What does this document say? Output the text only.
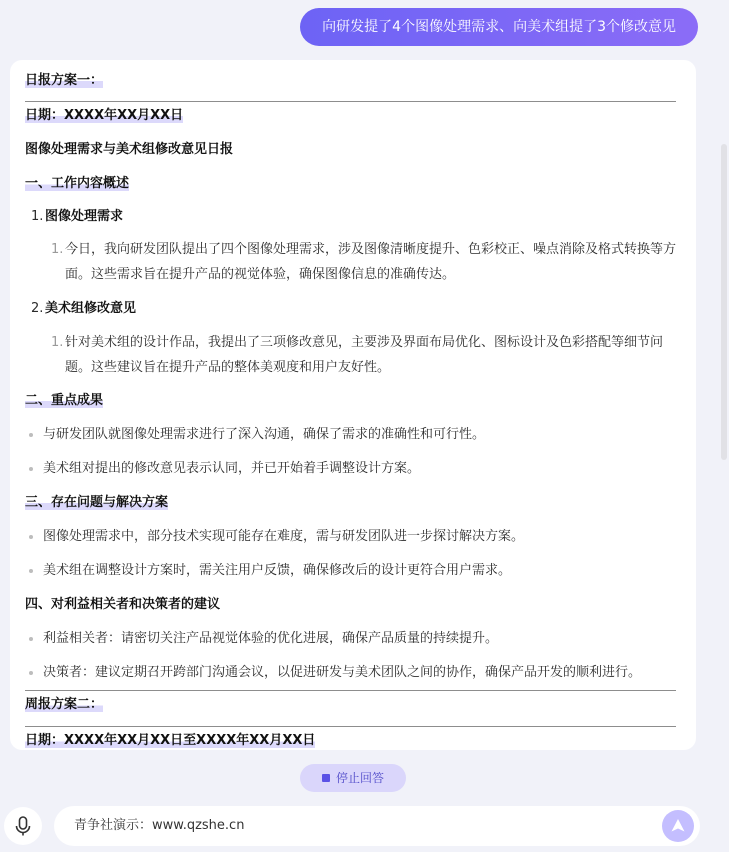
向研发提了4个图像处理需求、向美术组提了3个修改意见
日报方案一：
日期：XXXX年XX月XX日
图像处理需求与美术组修改意见日报
一、工作内容概述
1. 图像处理需求
1. 今日，我向研发团队提出了四个图像处理需求，涉及图像清晰度提升、色彩校正、噪点消除及格式转换等方面。这些需求旨在提升产品的视觉体验，确保图像信息的准确传达。
2. 美术组修改意见
1. 针对美术组的设计作品，我提出了三项修改意见，主要涉及界面布局优化、图标设计及色彩搭配等细节问题。这些建议旨在提升产品的整体美观度和用户友好性。
二、重点成果
与研发团队就图像处理需求进行了深入沟通，确保了需求的准确性和可行性。
美术组对提出的修改意见表示认同，并已开始着手调整设计方案。
三、存在问题与解决方案
图像处理需求中，部分技术实现可能存在难度，需与研发团队进一步探讨解决方案。
美术组在调整设计方案时，需关注用户反馈，确保修改后的设计更符合用户需求。
四、对利益相关者和决策者的建议
利益相关者：请密切关注产品视觉体验的优化进展，确保产品质量的持续提升。
决策者：建议定期召开跨部门沟通会议，以促进研发与美术团队之间的协作，确保产品开发的顺利进行。
周报方案二：
日期：XXXX年XX月XX日至XXXX年XX月XX日
停止回答
青争社演示：www.qzshe.cn
